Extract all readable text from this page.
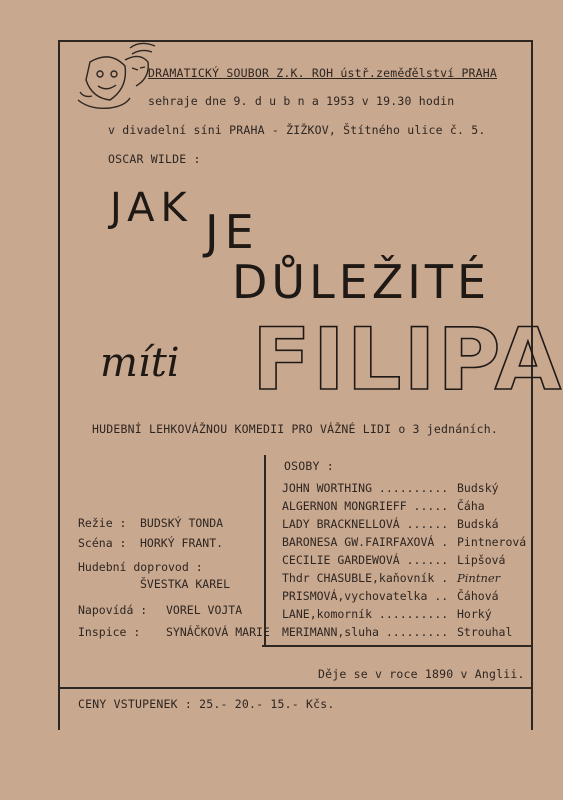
DRAMATICKÝ SOUBOR Z.K. ROH ústř.zeměďělství PRAHA
sehraje dne 9. d u b n a 1953 v 19.30 hodin
v divadelní síni PRAHA - ŽIŽKOV, Štítného ulice č. 5.
OSCAR WILDE :
JAK JE
DŮLEŽITÉ
míti FILIPA
HUDEBNÍ LEHKOVÁŽNOU KOMEDII PRO VÁŽNÉ LIDI o 3 jednáních.
OSOBY :
JOHN WORTHING .......... Budský
ALGERNON MONGRIEFF ..... Čáha
LADY BRACKNELLOVÁ ...... Budská
BARONESA GW.FAIRFAXOVÁ . Pintnerová
CECILIE GARDEWOVÁ ...... Lipšová
Thdr CHASUBLE,kaňovník . Pintner
PRISMOVÁ,vychovatelka .. Čáhová
LANE,komorník .......... Horký
MERIMANN,sluha ......... Strouhal
Režie : BUDSKÝ TONDA
Scéna : HORKÝ FRANT.
Hudební doprovod :
ŠVESTKA KAREL
Napovídá : VOREL VOJTA
Inspice : SYNÁČKOVÁ MARIE
Děje se v roce 1890 v Anglii.
CENY VSTUPENEK : 25.- 20.- 15.- Kčs.
